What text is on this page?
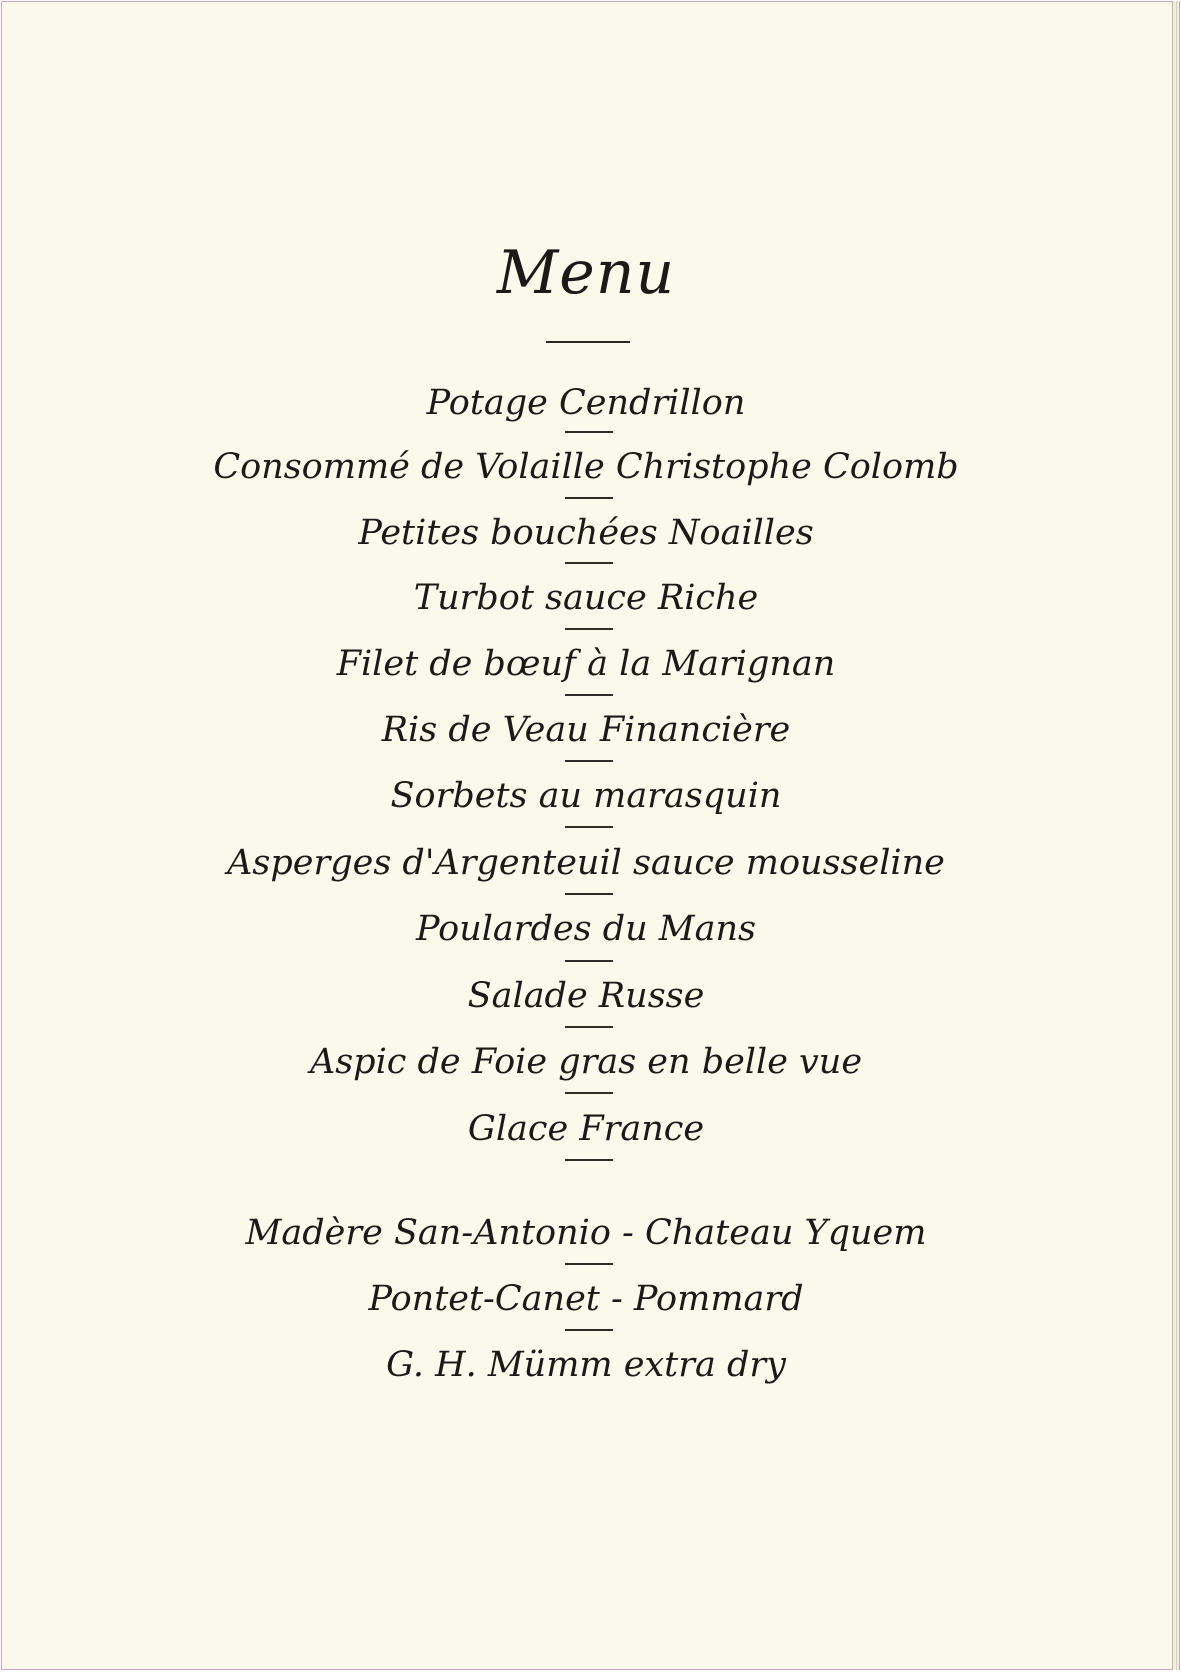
Menu
Potage Cendrillon
Consommé de Volaille Christophe Colomb
Petites bouchées Noailles
Turbot sauce Riche
Filet de bœuf à la Marignan
Ris de Veau Financière
Sorbets au marasquin
Asperges d'Argenteuil sauce mousseline
Poulardes du Mans
Salade Russe
Aspic de Foie gras en belle vue
Glace France
Madère San-Antonio - Chateau Yquem
Pontet-Canet - Pommard
G. H. Mümm extra dry
